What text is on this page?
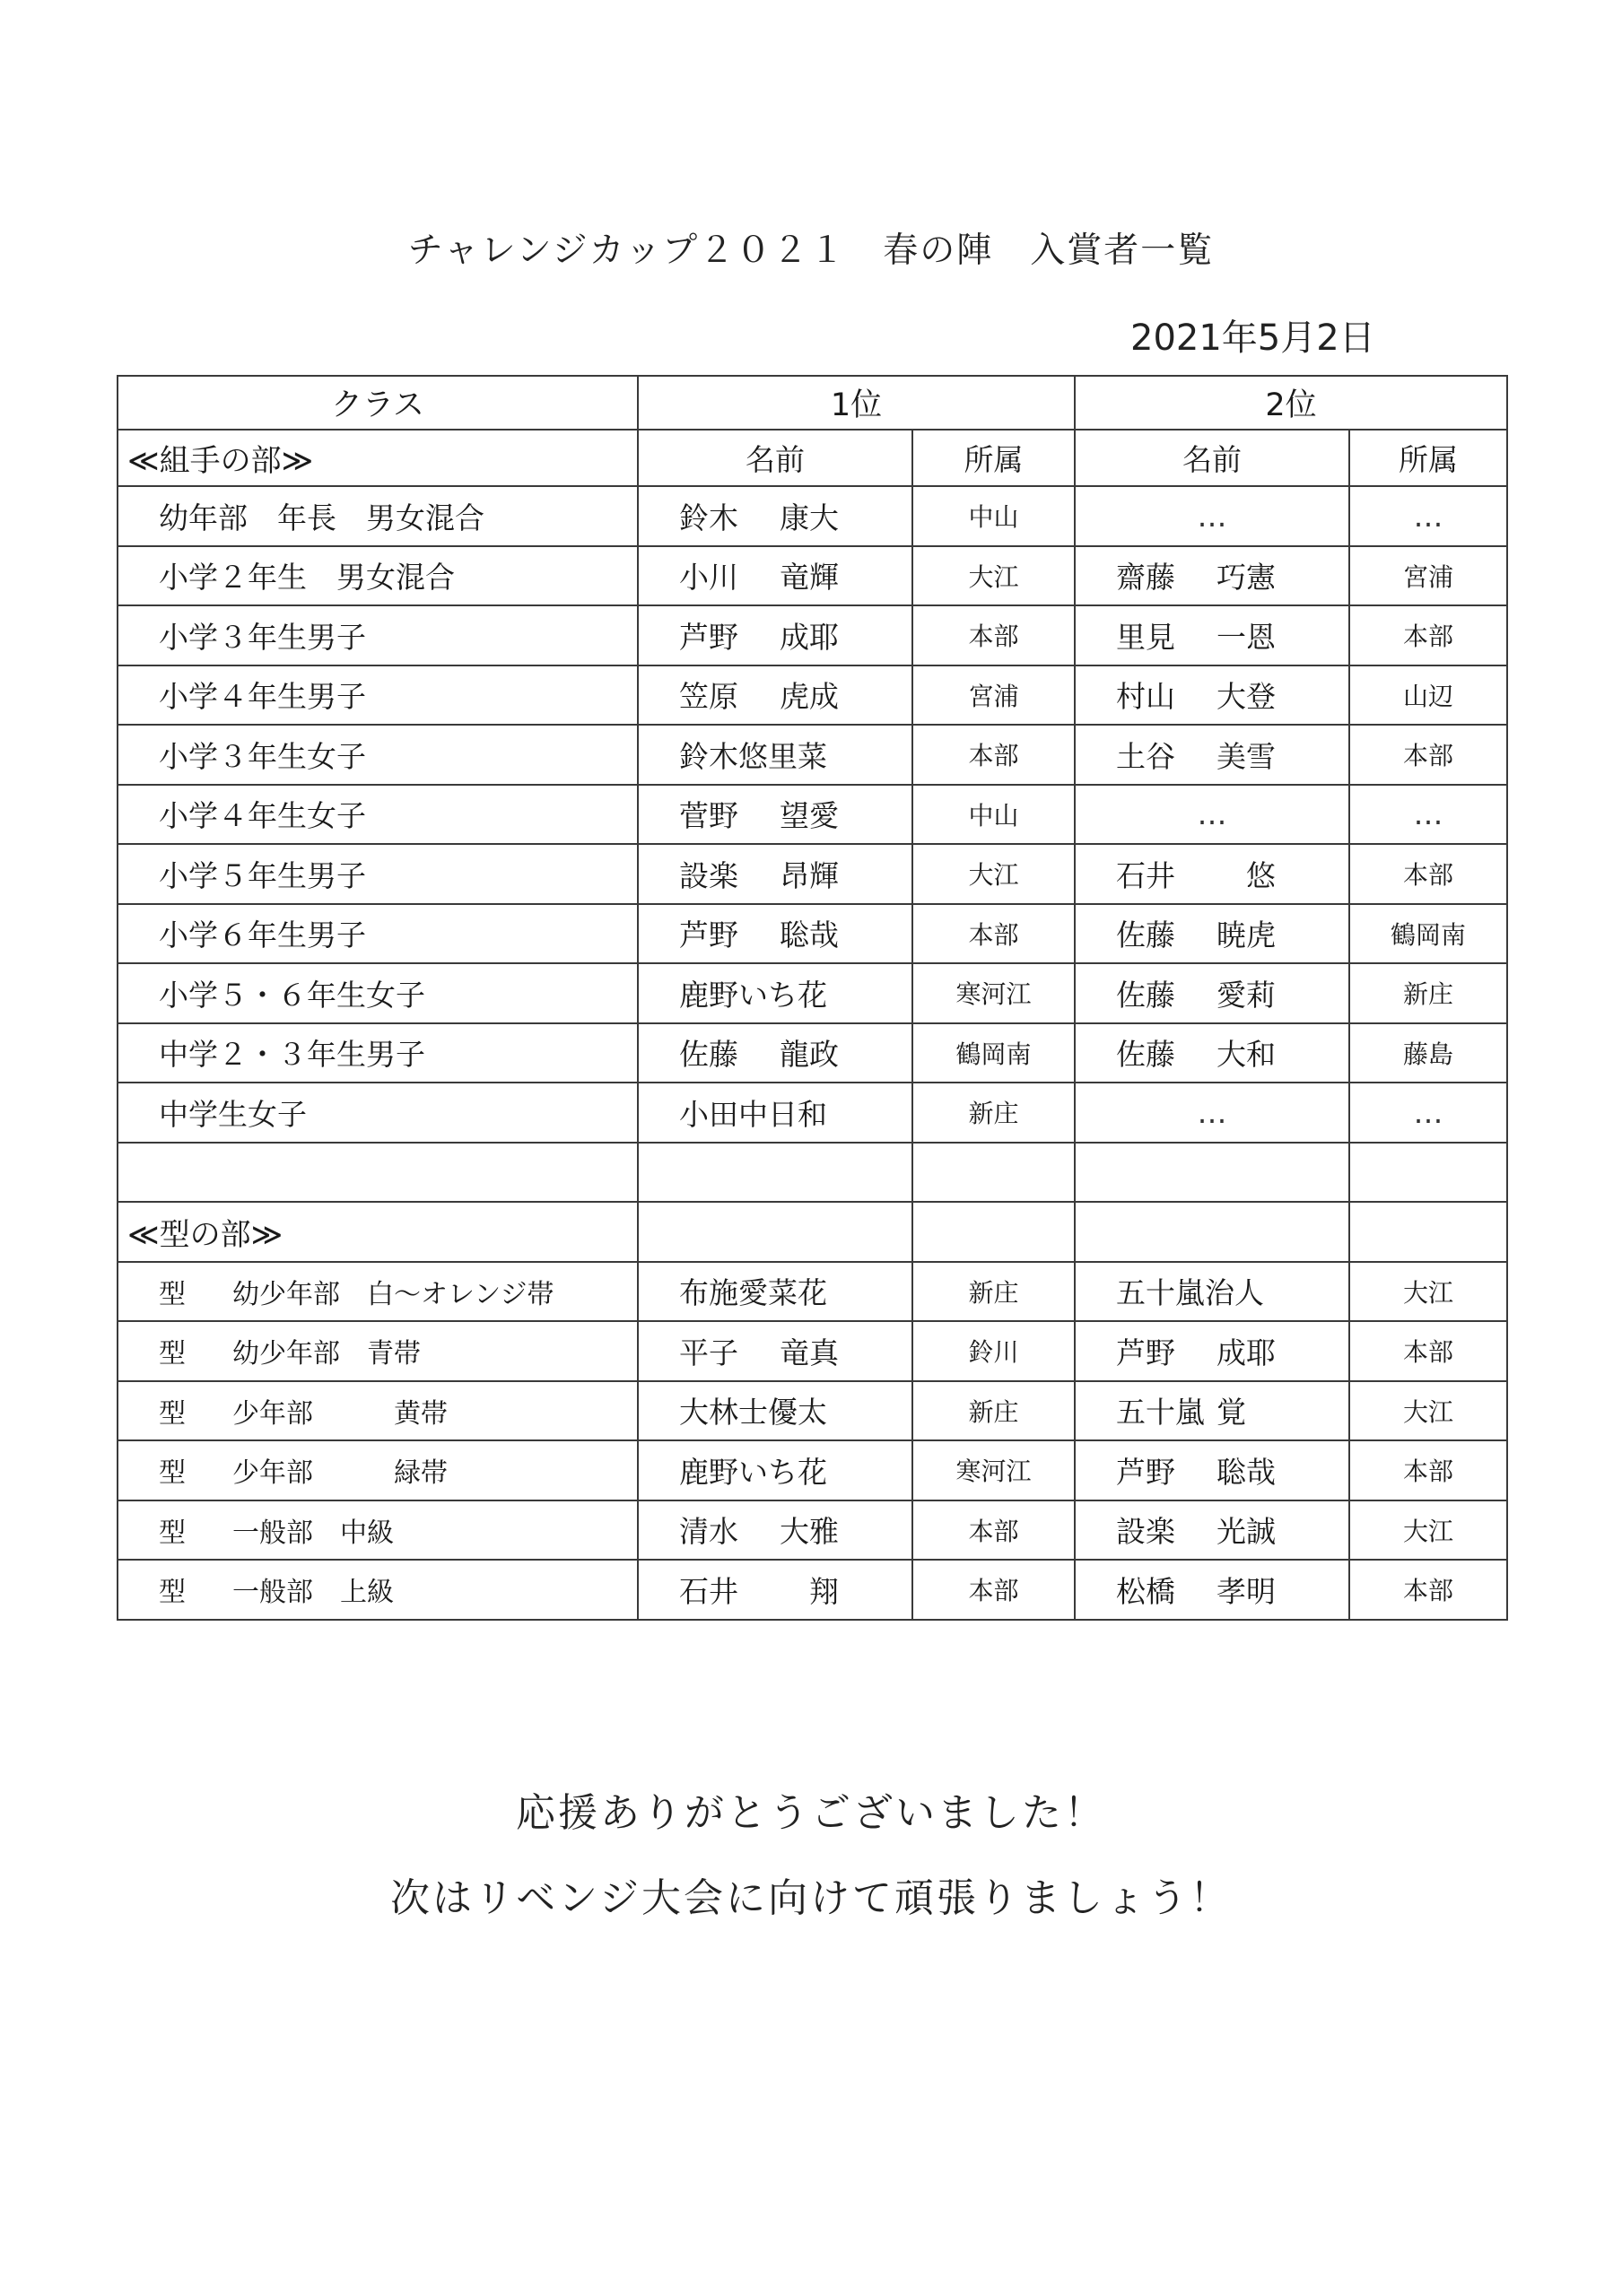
チャレンジカップ２０２１　春の陣　入賞者一覧
2021年5月2日
クラス	1位		2位	
≪組手の部≫	名前	所属	名前	所属
幼年部　年長　男女混合	鈴木 康大	中山	…	…
小学２年生　男女混合	小川 竜輝	大江	齋藤 巧憲	宮浦
小学３年生男子	芦野 成耶	本部	里見 一恩	本部
小学４年生男子	笠原 虎成	宮浦	村山 大登	山辺
小学３年生女子	鈴木悠里菜	本部	土谷 美雪	本部
小学４年生女子	菅野 望愛	中山	…	…
小学５年生男子	設楽 昂輝	大江	石井　悠	本部
小学６年生男子	芦野 聡哉	本部	佐藤 暁虎	鶴岡南
小学５・６年生女子	鹿野いち花	寒河江	佐藤 愛莉	新庄
中学２・３年生男子	佐藤 龍政	鶴岡南	佐藤 大和	藤島
中学生女子	小田中日和	新庄	…	…

≪型の部≫				
型 幼少年部　白～オレンジ帯	布施愛菜花	新庄	五十嵐治人	大江
型 幼少年部　青帯	平子 竜真	鈴川	芦野 成耶	本部
型 少年部　　　黄帯	大林士優太	新庄	五十嵐 覚	大江
型 少年部　　　緑帯	鹿野いち花	寒河江	芦野 聡哉	本部
型 一般部　中級	清水 大雅	本部	設楽 光誠	大江
型 一般部　上級	石井　翔	本部	松橋 孝明	本部
応援ありがとうございました！
次はリベンジ大会に向けて頑張りましょう！
